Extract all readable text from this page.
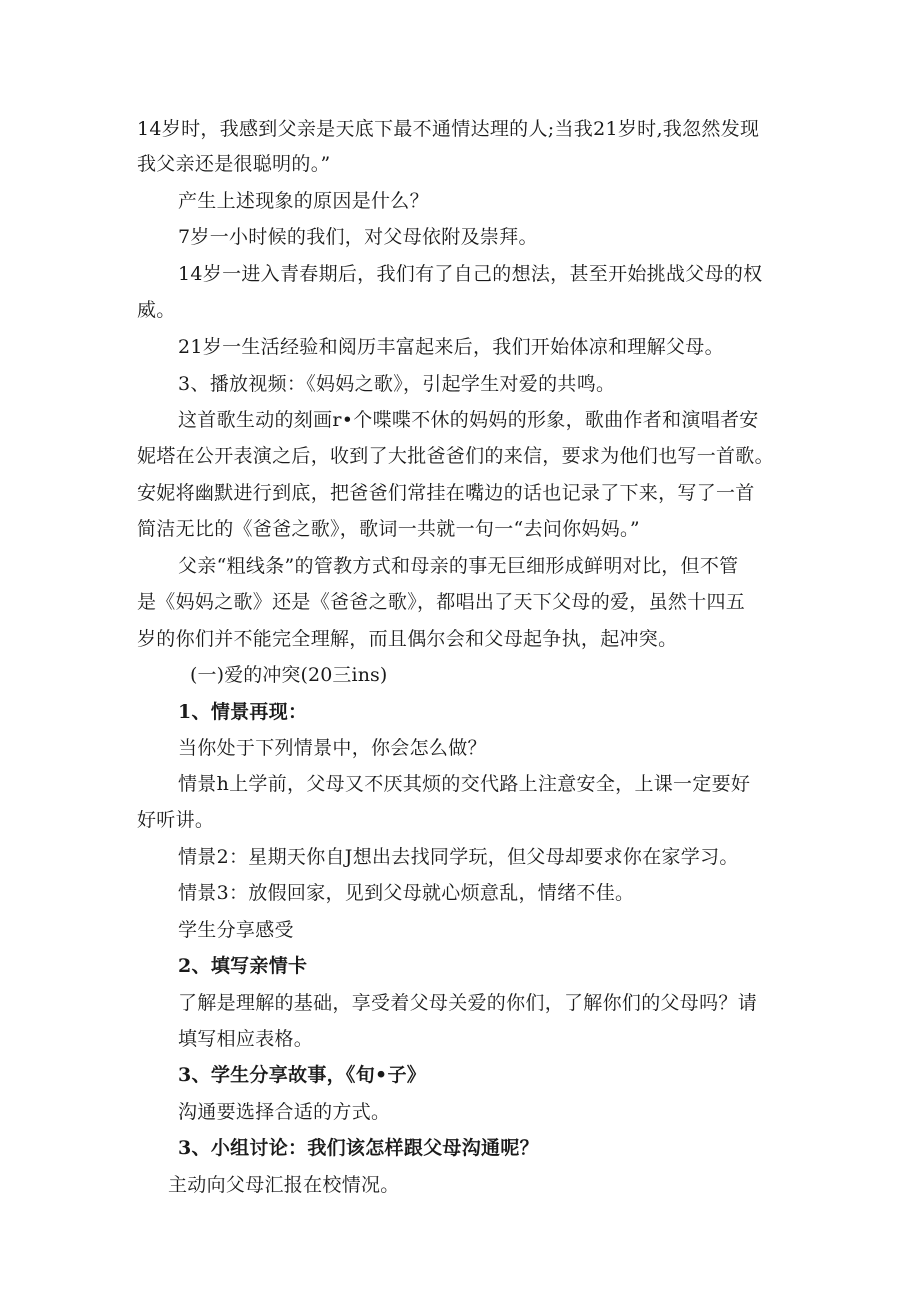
14岁时，我感到父亲是天底下最不通情达理的人;当我21岁时,我忽然发现
我父亲还是很聪明的。”
产生上述现象的原因是什么？
7岁一小时候的我们，对父母依附及崇拜。
14岁一进入青春期后，我们有了自己的想法，甚至开始挑战父母的权
威。
21岁一生活经验和阅历丰富起来后，我们开始体凉和理解父母。
3、播放视频：《妈妈之歌》，引起学生对爱的共鸣。
这首歌生动的刻画r•个喋喋不休的妈妈的形象，歌曲作者和演唱者安
妮塔在公开表演之后，收到了大批爸爸们的来信，要求为他们也写一首歌。
安妮将幽默进行到底，把爸爸们常挂在嘴边的话也记录了下来，写了一首
简洁无比的《爸爸之歌》，歌词一共就一句一“去问你妈妈。”
父亲“粗线条”的管教方式和母亲的事无巨细形成鲜明对比，但不管
是《妈妈之歌》还是《爸爸之歌》，都唱出了天下父母的爱，虽然十四五
岁的你们并不能完全理解，而且偶尔会和父母起争执，起冲突。
(一)爱的冲突(20三ins)
1、情景再现：
当你处于下列情景中，你会怎么做？
情景h上学前，父母又不厌其烦的交代路上注意安全，上课一定要好
好听讲。
情景2：星期天你自J想出去找同学玩，但父母却要求你在家学习。
情景3：放假回家，见到父母就心烦意乱，情绪不佳。
学生分享感受
2、填写亲情卡
了解是理解的基础，享受着父母关爱的你们，了解你们的父母吗？请
填写相应表格。
3、学生分享故事，《旬•子》
沟通要选择合适的方式。
3、小组讨论：我们该怎样跟父母沟通呢？
主动向父母汇报在校情况。
